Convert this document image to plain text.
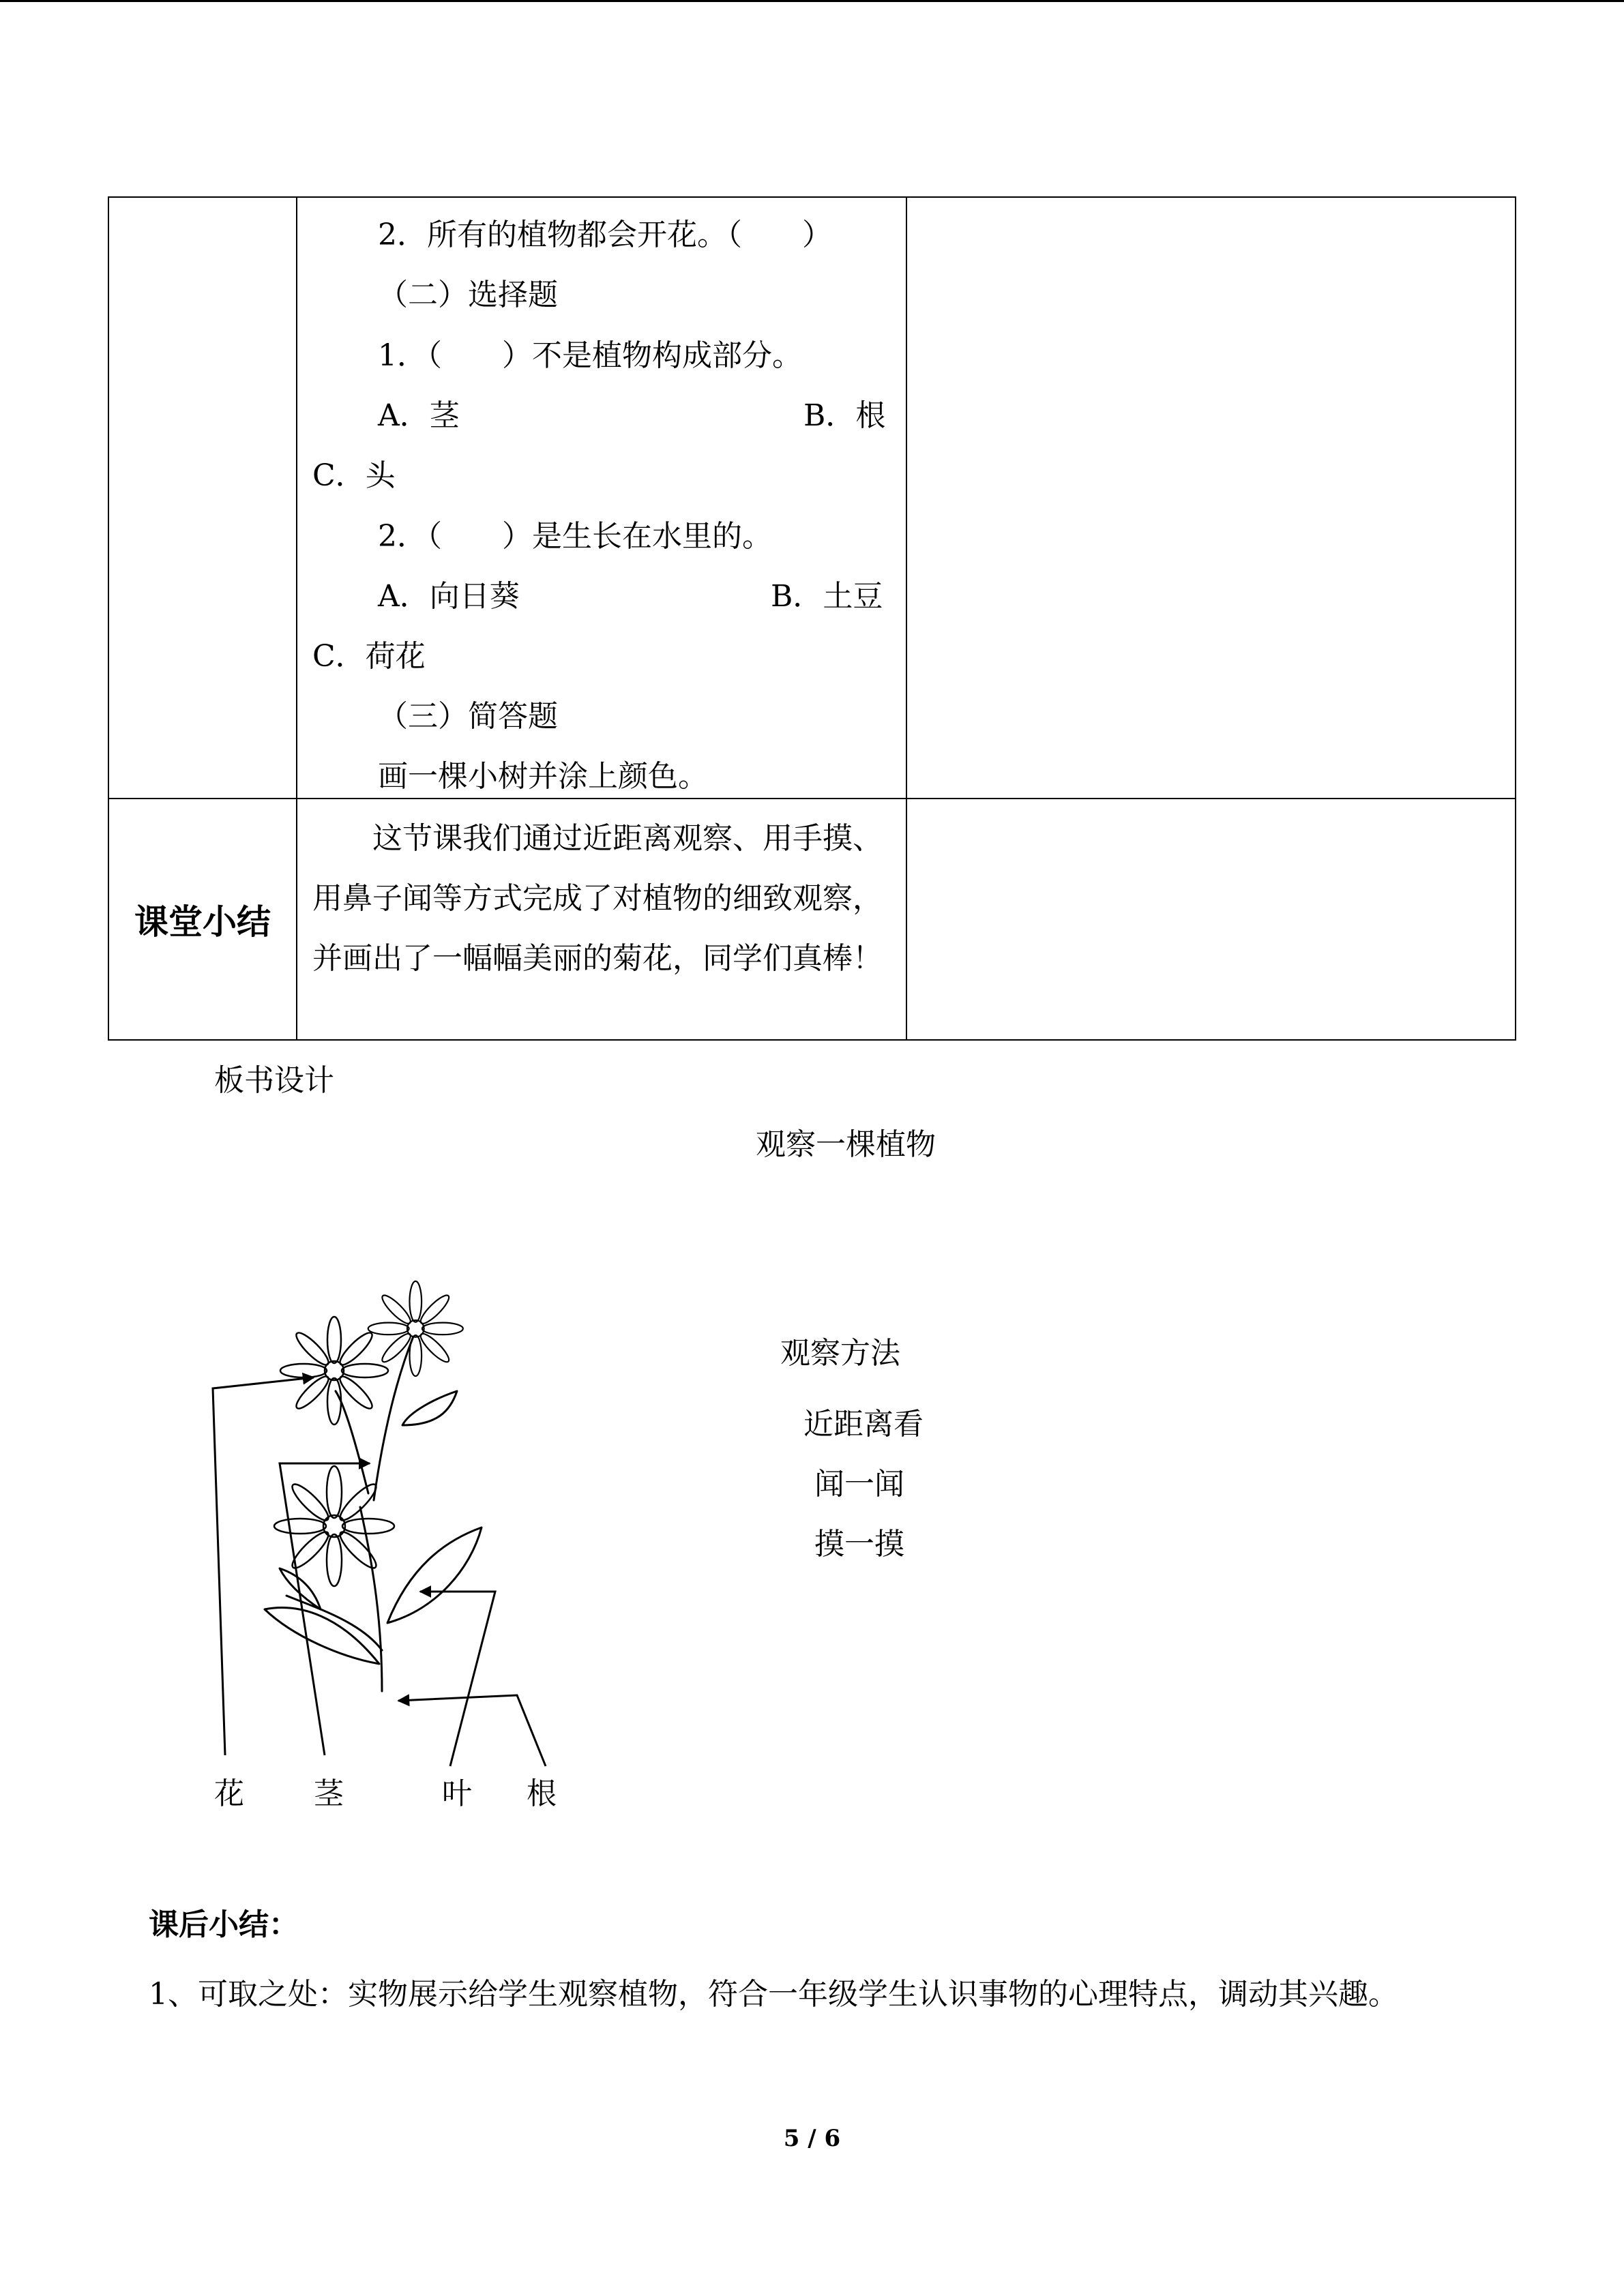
2．所有的植物都会开花。（　　）
（二）选择题
1．（　　）不是植物构成部分。
A．茎	B．根
C．头
2．（　　）是生长在水里的。
A．向日葵	B．土豆
C．荷花
（三）简答题
画一棵小树并涂上颜色。
课堂小结

这节课我们通过近距离观察、用手摸、用鼻子闻等方式完成了对植物的细致观察，并画出了一幅幅美丽的菊花，同学们真棒！

板书设计
观察一棵植物
观察方法
近距离看
闻一闻
摸一摸
花 茎	叶 根
课后小结：
1、可取之处：实物展示给学生观察植物，符合一年级学生认识事物的心理特点，调动其兴趣。
5 / 6
